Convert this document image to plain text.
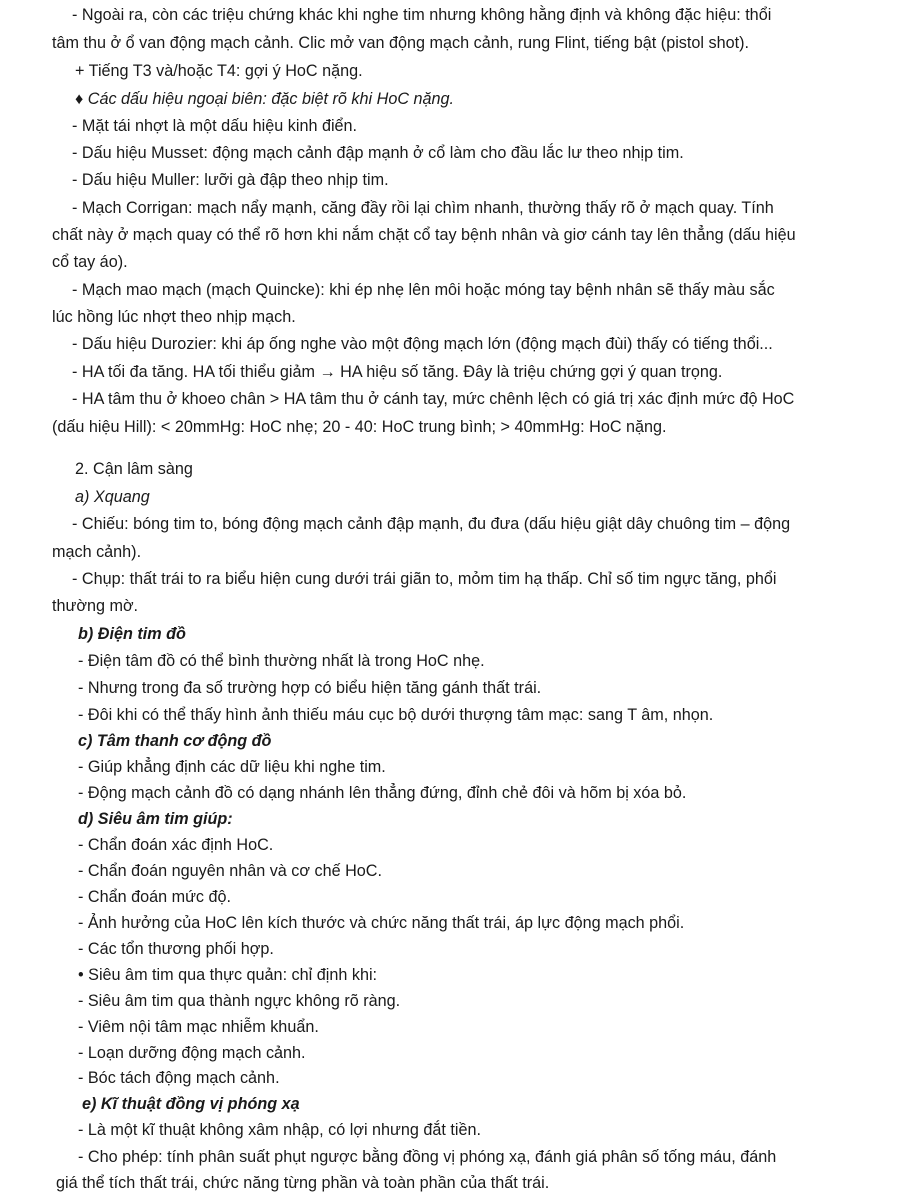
- Ngoài ra, còn các triệu chứng khác khi nghe tim nhưng không hằng định và không đặc hiệu: thổi

tâm thu ở ổ van động mạch cảnh. Clic mở van động mạch cảnh, rung Flint, tiếng bật (pistol shot).

+ Tiếng T3 và/hoặc T4: gợi ý HoC nặng.

♦ Các dấu hiệu ngoại biên: đặc biệt rõ khi HoC nặng.

- Mặt tái nhợt là một dấu hiệu kinh điển.

- Dấu hiệu Musset: động mạch cảnh đập mạnh ở cổ làm cho đầu lắc lư theo nhịp tim.

- Dấu hiệu Muller: lưỡi gà đập theo nhịp tim.

- Mạch Corrigan: mạch nẩy mạnh, căng đầy rồi lại chìm nhanh, thường thấy rõ ở mạch quay. Tính

chất này ở mạch quay có thể rõ hơn khi nắm chặt cổ tay bệnh nhân và giơ cánh tay lên thẳng (dấu hiệu

cổ tay áo).

- Mạch mao mạch (mạch Quincke): khi ép nhẹ lên môi hoặc móng tay bệnh nhân sẽ thấy màu sắc

lúc hồng lúc nhợt theo nhịp mạch.

- Dấu hiệu Durozier: khi áp ống nghe vào một động mạch lớn (động mạch đùi) thấy có tiếng thổi...

- HA tối đa tăng. HA tối thiểu giảm → HA hiệu số tăng. Đây là triệu chứng gợi ý quan trọng.

- HA tâm thu ở khoeo chân > HA tâm thu ở cánh tay, mức chênh lệch có giá trị xác định mức độ HoC

(dấu hiệu Hill): < 20mmHg: HoC nhẹ; 20 - 40: HoC trung bình; > 40mmHg: HoC nặng.

2. Cận lâm sàng

a) Xquang

- Chiếu: bóng tim to, bóng động mạch cảnh đập mạnh, đu đưa (dấu hiệu giật dây chuông tim – động

mạch cảnh).

- Chụp: thất trái to ra biểu hiện cung dưới trái giãn to, mỏm tim hạ thấp. Chỉ số tim ngực tăng, phổi

thường mờ.

b) Điện tim đồ

- Điện tâm đồ có thể bình thường nhất là trong HoC nhẹ.

- Nhưng trong đa số trường hợp có biểu hiện tăng gánh thất trái.

- Đôi khi có thể thấy hình ảnh thiếu máu cục bộ dưới thượng tâm mạc: sang T âm, nhọn.

c) Tâm thanh cơ động đồ

- Giúp khẳng định các dữ liệu khi nghe tim.

- Động mạch cảnh đồ có dạng nhánh lên thẳng đứng, đỉnh chẻ đôi và hõm bị xóa bỏ.

d) Siêu âm tim giúp:

- Chẩn đoán xác định HoC.

- Chẩn đoán nguyên nhân và cơ chế HoC.

- Chẩn đoán mức độ.

- Ảnh hưởng của HoC lên kích thước và chức năng thất trái, áp lực động mạch phổi.

- Các tổn thương phối hợp.

• Siêu âm tim qua thực quản: chỉ định khi:

- Siêu âm tim qua thành ngực không rõ ràng.

- Viêm nội tâm mạc nhiễm khuẩn.

- Loạn dưỡng động mạch cảnh.

- Bóc tách động mạch cảnh.

e) Kĩ thuật đồng vị phóng xạ

- Là một kĩ thuật không xâm nhập, có lợi nhưng đắt tiền.

- Cho phép: tính phân suất phụt ngược bằng đồng vị phóng xạ, đánh giá phân số tống máu, đánh

giá thể tích thất trái, chức năng từng phần và toàn phần của thất trái.
